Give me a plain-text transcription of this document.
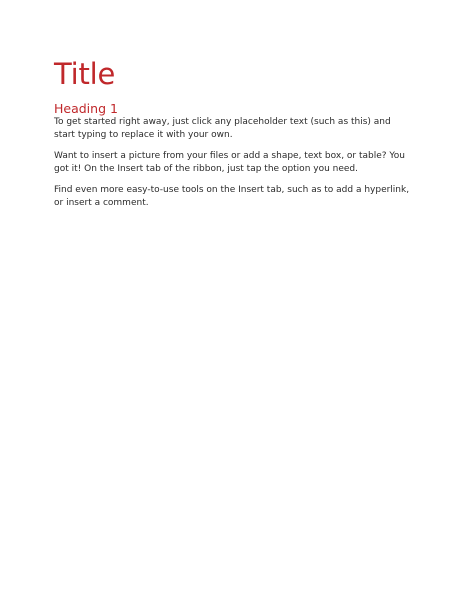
Title
Heading 1

To get started right away, just click any placeholder text (such as this) and start typing to replace it with your own.

Want to insert a picture from your files or add a shape, text box, or table? You got it! On the Insert tab of the ribbon, just tap the option you need.

Find even more easy-to-use tools on the Insert tab, such as to add a hyperlink, or insert a comment.
